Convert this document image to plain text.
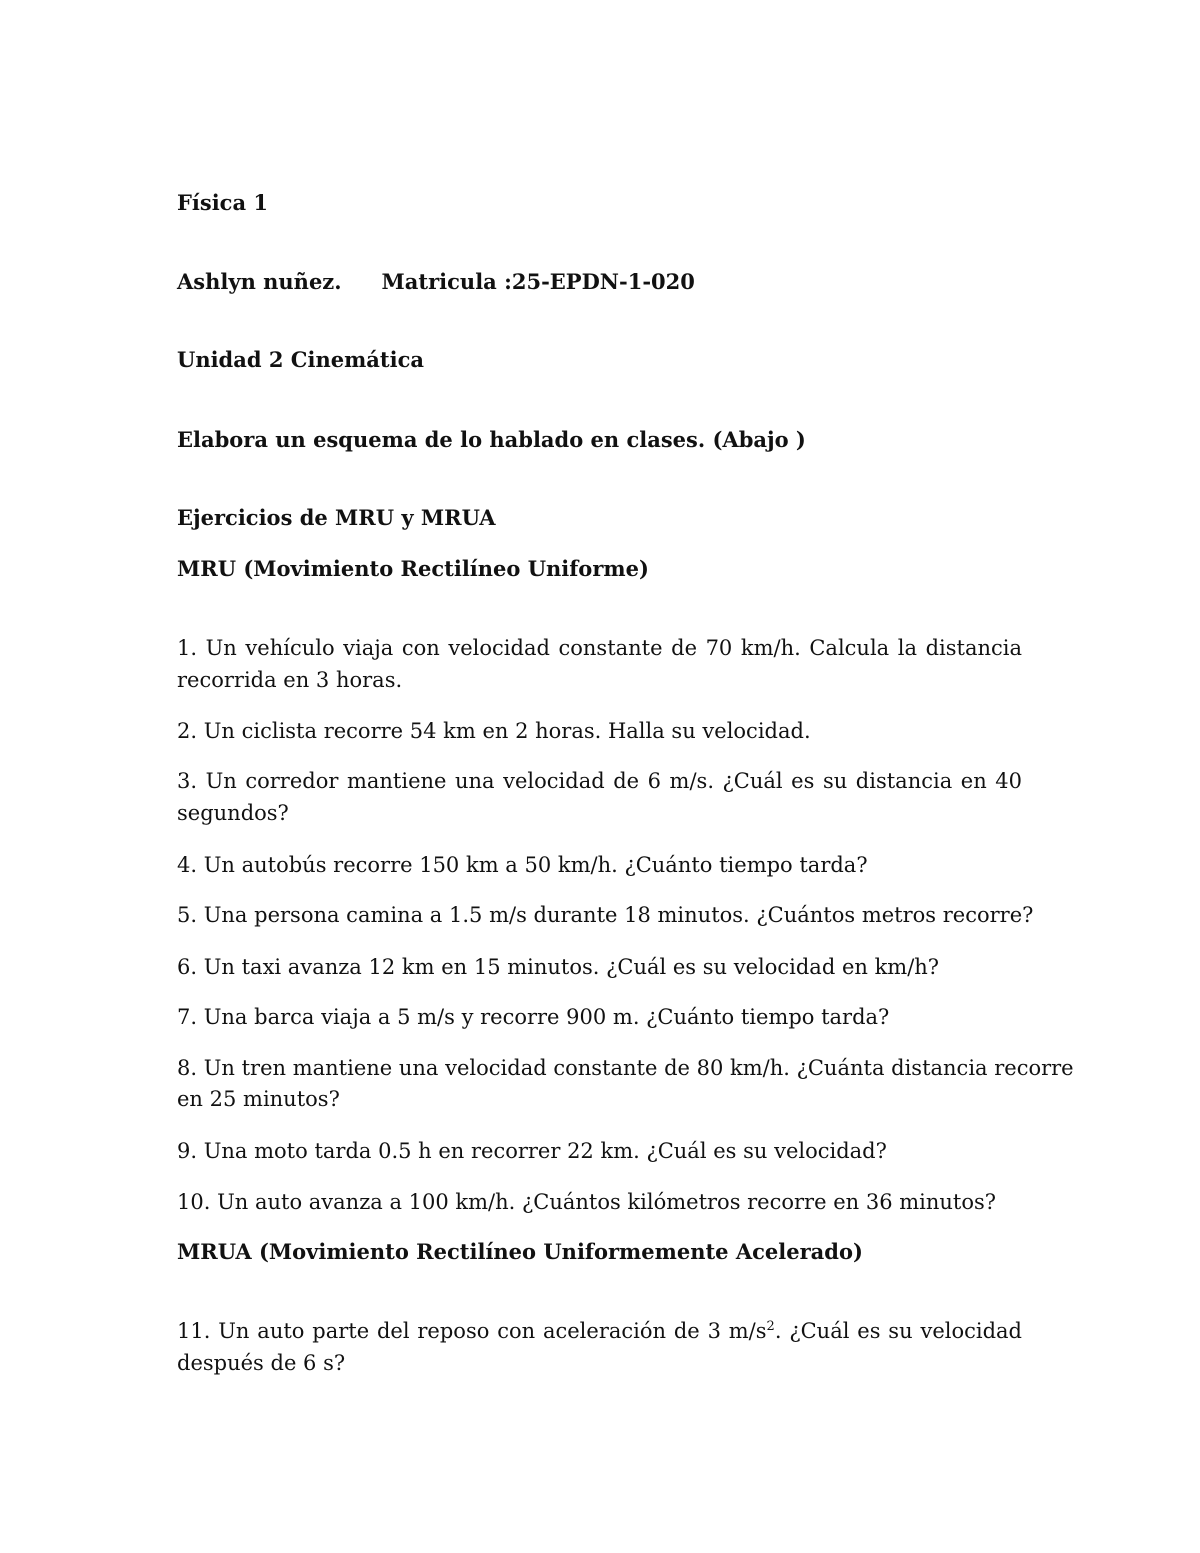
Física 1
Ashlyn nuñez. Matricula :25-EPDN-1-020
Unidad 2 Cinemática
Elabora un esquema de lo hablado en clases. (Abajo )
Ejercicios de MRU y MRUA
MRU (Movimiento Rectilíneo Uniforme)
1. Un vehículo viaja con velocidad constante de 70 km/h. Calcula la distancia
recorrida en 3 horas.
2. Un ciclista recorre 54 km en 2 horas. Halla su velocidad.
3. Un corredor mantiene una velocidad de 6 m/s. ¿Cuál es su distancia en 40
segundos?
4. Un autobús recorre 150 km a 50 km/h. ¿Cuánto tiempo tarda?
5. Una persona camina a 1.5 m/s durante 18 minutos. ¿Cuántos metros recorre?
6. Un taxi avanza 12 km en 15 minutos. ¿Cuál es su velocidad en km/h?
7. Una barca viaja a 5 m/s y recorre 900 m. ¿Cuánto tiempo tarda?
8. Un tren mantiene una velocidad constante de 80 km/h. ¿Cuánta distancia recorre
en 25 minutos?
9. Una moto tarda 0.5 h en recorrer 22 km. ¿Cuál es su velocidad?
10. Un auto avanza a 100 km/h. ¿Cuántos kilómetros recorre en 36 minutos?
MRUA (Movimiento Rectilíneo Uniformemente Acelerado)
11. Un auto parte del reposo con aceleración de 3 $m/s^2$. ¿Cuál es su velocidad
después de 6 s?
